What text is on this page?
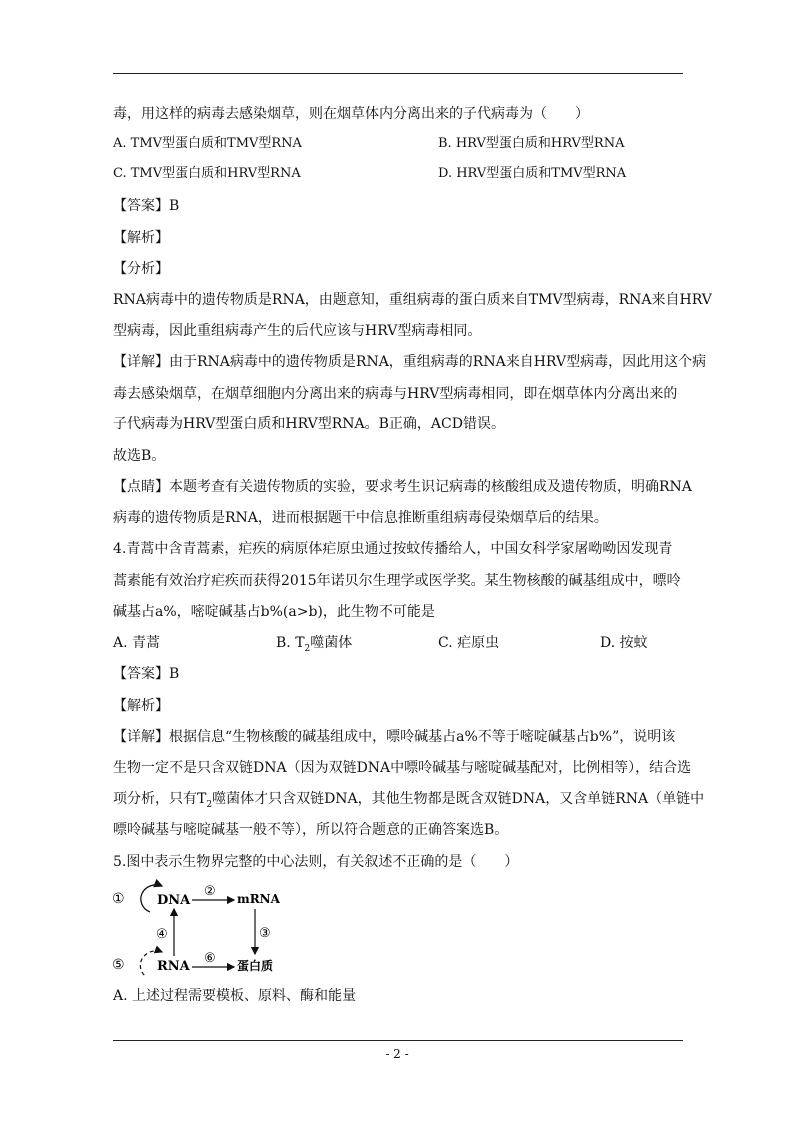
毒，用这样的病毒去感染烟草，则在烟草体内分离出来的子代病毒为（　　）
A. TMV型蛋白质和TMV型RNA	B. HRV型蛋白质和HRV型RNA
C. TMV型蛋白质和HRV型RNA	D. HRV型蛋白质和TMV型RNA
【答案】B
【解析】
【分析】
RNA病毒中的遗传物质是RNA，由题意知，重组病毒的蛋白质来自TMV型病毒，RNA来自HRV
型病毒，因此重组病毒产生的后代应该与HRV型病毒相同。
【详解】由于RNA病毒中的遗传物质是RNA，重组病毒的RNA来自HRV型病毒，因此用这个病
毒去感染烟草，在烟草细胞内分离出来的病毒与HRV型病毒相同，即在烟草体内分离出来的
子代病毒为HRV型蛋白质和HRV型RNA。B正确，ACD错误。
故选B。
【点睛】本题考查有关遗传物质的实验，要求考生识记病毒的核酸组成及遗传物质，明确RNA
病毒的遗传物质是RNA，进而根据题干中信息推断重组病毒侵染烟草后的结果。
4.青蒿中含青蒿素，疟疾的病原体疟原虫通过按蚊传播给人，中国女科学家屠呦呦因发现青
蒿素能有效治疗疟疾而获得2015年诺贝尔生理学或医学奖。某生物核酸的碱基组成中，嘌呤
碱基占a%，嘧啶碱基占b%(a>b)，此生物不可能是
A. 青蒿	B. $T_2$噬菌体	C. 疟原虫	D. 按蚊
【答案】B
【解析】
【详解】根据信息“生物核酸的碱基组成中，嘌呤碱基占a%不等于嘧啶碱基占b%”，说明该
生物一定不是只含双链DNA（因为双链DNA中嘌呤碱基与嘧啶碱基配对，比例相等），结合选
项分析，只有$T_2$噬菌体才只含双链DNA，其他生物都是既含双链DNA，又含单链RNA（单链中
嘌呤碱基与嘧啶碱基一般不等），所以符合题意的正确答案选B。
5.图中表示生物界完整的中心法则，有关叙述不正确的是（　　）
①
⑤
DNA
RNA
mRNA
蛋白质
②
③
④
⑥
A. 上述过程需要模板、原料、酶和能量
- 2 -
